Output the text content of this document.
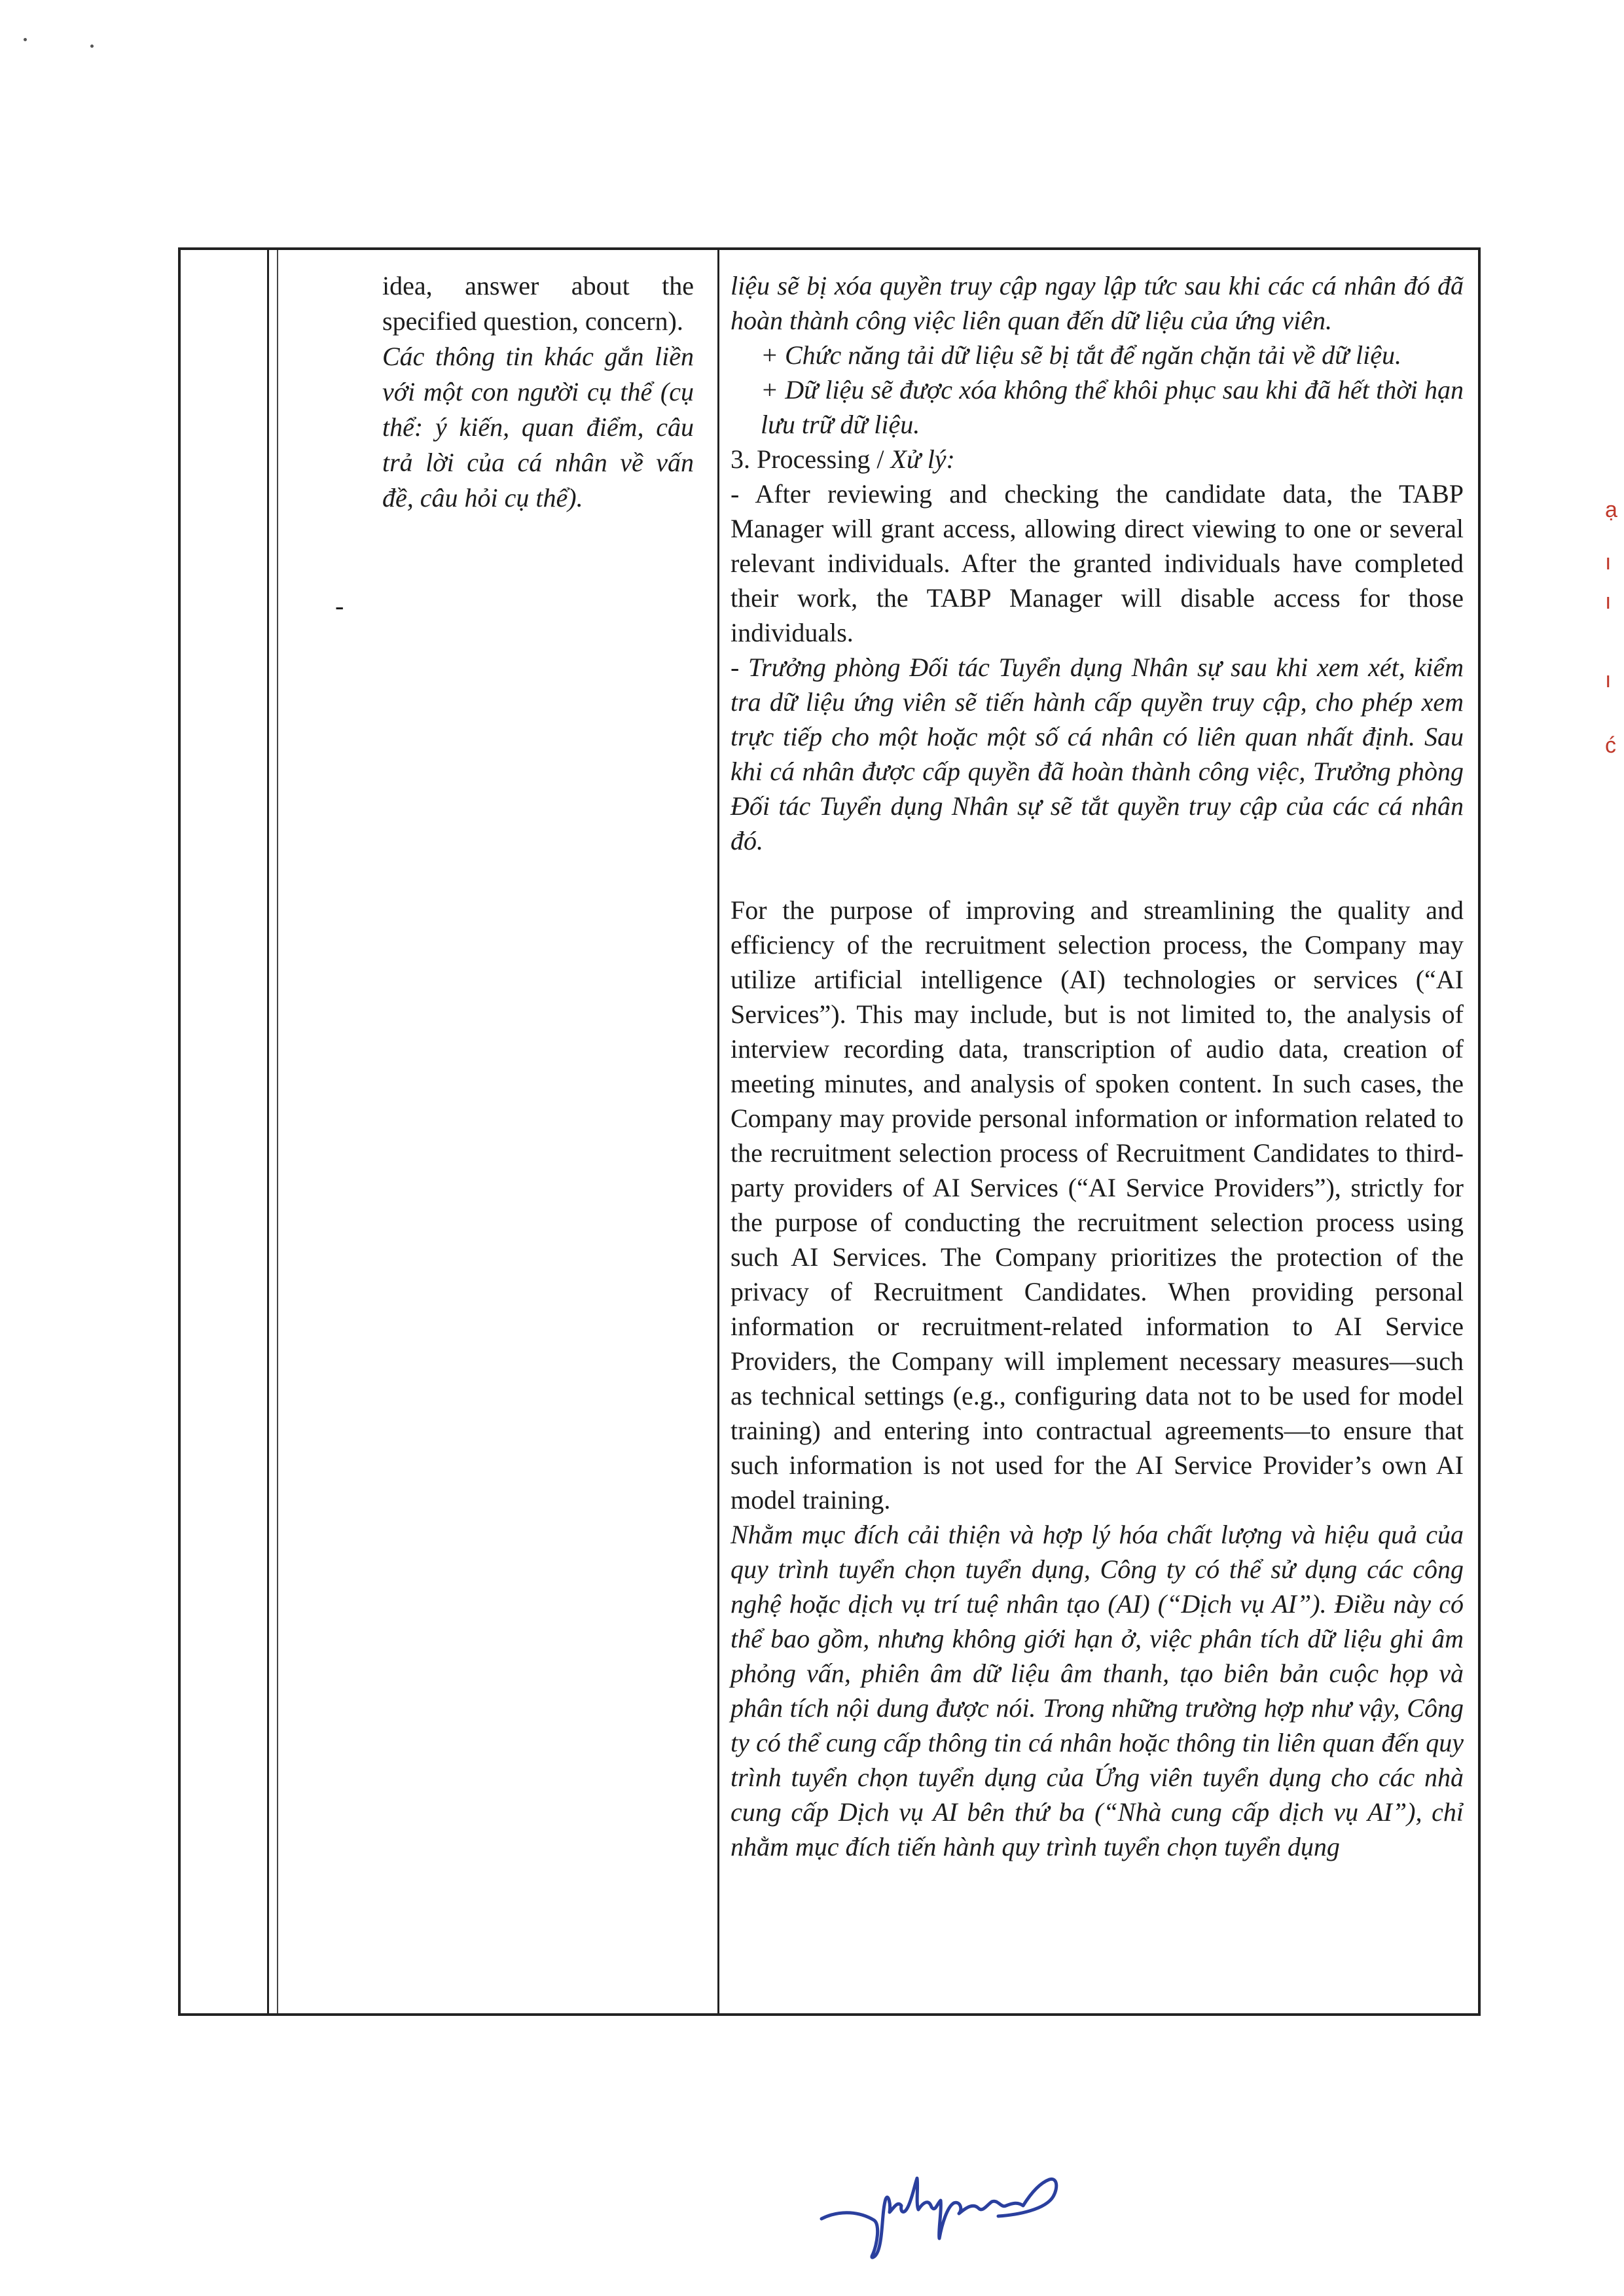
ạ
ı
ı
ı
ć
-

idea, answer about the specified question, concern).

Các thông tin khác gắn liền với một con người cụ thể (cụ thể: ý kiến, quan điểm, câu trả lời của cá nhân về vấn đề, câu hỏi cụ thể).

liệu sẽ bị xóa quyền truy cập ngay lập tức sau khi các cá nhân đó đã hoàn thành công việc liên quan đến dữ liệu của ứng viên.

+ Chức năng tải dữ liệu sẽ bị tắt để ngăn chặn tải về dữ liệu.

+ Dữ liệu sẽ được xóa không thể khôi phục sau khi đã hết thời hạn lưu trữ dữ liệu.

3. Processing / Xử lý:

- After reviewing and checking the candidate data, the TABP Manager will grant access, allowing direct viewing to one or several relevant individuals. After the granted individuals have completed their work, the TABP Manager will disable access for those individuals.

- Trưởng phòng Đối tác Tuyển dụng Nhân sự sau khi xem xét, kiểm tra dữ liệu ứng viên sẽ tiến hành cấp quyền truy cập, cho phép xem trực tiếp cho một hoặc một số cá nhân có liên quan nhất định. Sau khi cá nhân được cấp quyền đã hoàn thành công việc, Trưởng phòng Đối tác Tuyển dụng Nhân sự sẽ tắt quyền truy cập của các cá nhân đó.

For the purpose of improving and streamlining the quality and efficiency of the recruitment selection process, the Company may utilize artificial intelligence (AI) technologies or services (“AI Services”). This may include, but is not limited to, the analysis of interview recording data, transcription of audio data, creation of meeting minutes, and analysis of spoken content. In such cases, the Company may provide personal information or information related to the recruitment selection process of Recruitment Candidates to third-party providers of AI Services (“AI Service Providers”), strictly for the purpose of conducting the recruitment selection process using such AI Services. The Company prioritizes the protection of the privacy of Recruitment Candidates. When providing personal information or recruitment-related information to AI Service Providers, the Company will implement necessary measures—such as technical settings (e.g., configuring data not to be used for model training) and entering into contractual agreements—to ensure that such information is not used for the AI Service Provider’s own AI model training.

Nhằm mục đích cải thiện và hợp lý hóa chất lượng và hiệu quả của quy trình tuyển chọn tuyển dụng, Công ty có thể sử dụng các công nghệ hoặc dịch vụ trí tuệ nhân tạo (AI) (“Dịch vụ AI”). Điều này có thể bao gồm, nhưng không giới hạn ở, việc phân tích dữ liệu ghi âm phỏng vấn, phiên âm dữ liệu âm thanh, tạo biên bản cuộc họp và phân tích nội dung được nói. Trong những trường hợp như vậy, Công ty có thể cung cấp thông tin cá nhân hoặc thông tin liên quan đến quy trình tuyển chọn tuyển dụng của Ứng viên tuyển dụng cho các nhà cung cấp Dịch vụ AI bên thứ ba (“Nhà cung cấp dịch vụ AI”), chỉ nhằm mục đích tiến hành quy trình tuyển chọn tuyển dụng
